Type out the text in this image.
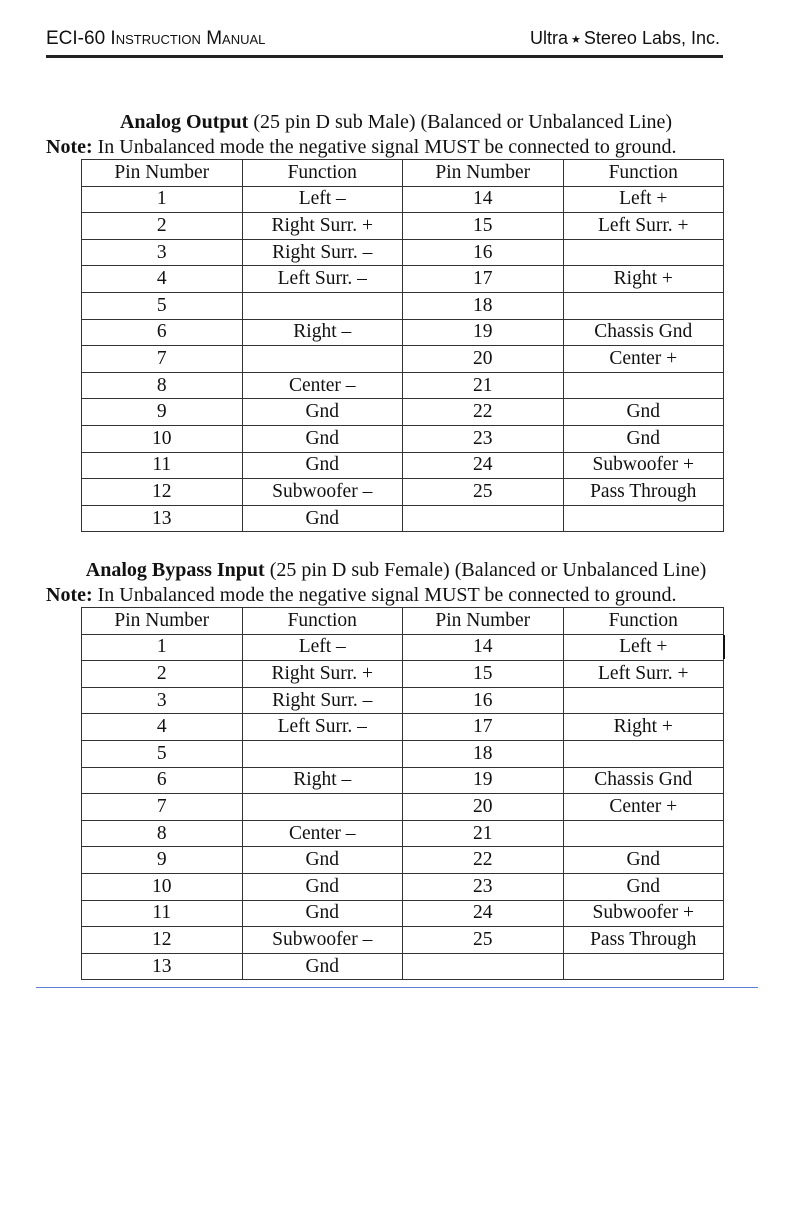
ECI-60 Instruction Manual	Ultra ★ Stereo Labs, Inc.
Analog Output (25 pin D sub Male) (Balanced or Unbalanced Line)
Note: In Unbalanced mode the negative signal MUST be connected to ground.
Pin Number	Function	Pin Number	Function
1	Left –	14	Left +
2	Right Surr. +	15	Left Surr. +
3	Right Surr. –	16	
4	Left Surr. –	17	Right +
5		18	
6	Right –	19	Chassis Gnd
7		20	Center +
8	Center –	21	
9	Gnd	22	Gnd
10	Gnd	23	Gnd
11	Gnd	24	Subwoofer +
12	Subwoofer –	25	Pass Through
13	Gnd		
Analog Bypass Input (25 pin D sub Female) (Balanced or Unbalanced Line)
Note: In Unbalanced mode the negative signal MUST be connected to ground.
Pin Number	Function	Pin Number	Function
1	Left –	14	Left +
2	Right Surr. +	15	Left Surr. +
3	Right Surr. –	16	
4	Left Surr. –	17	Right +
5		18	
6	Right –	19	Chassis Gnd
7		20	Center +
8	Center –	21	
9	Gnd	22	Gnd
10	Gnd	23	Gnd
11	Gnd	24	Subwoofer +
12	Subwoofer –	25	Pass Through
13	Gnd		
